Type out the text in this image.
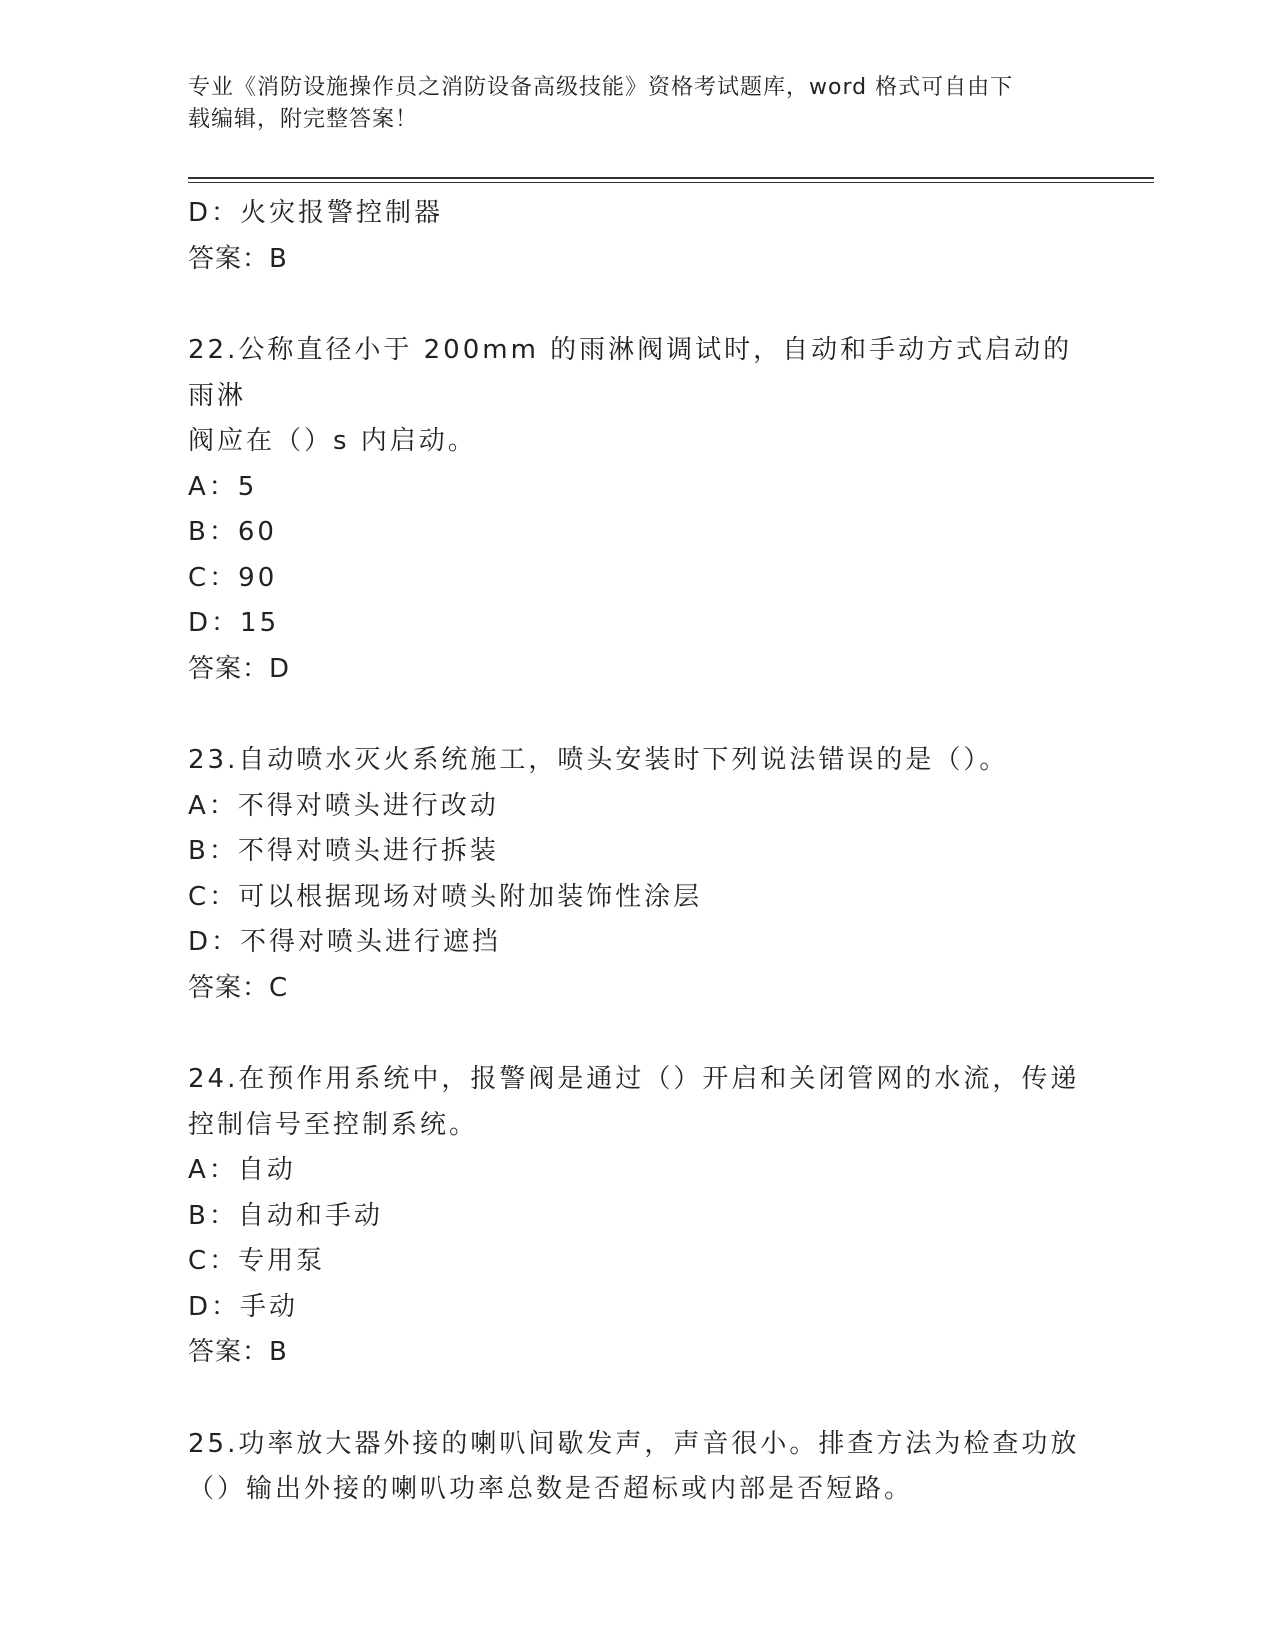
专业《消防设施操作员之消防设备高级技能》资格考试题库，word 格式可自由下
载编辑，附完整答案！
D：火灾报警控制器
答案：B
22.公称直径小于 200mm 的雨淋阀调试时，自动和手动方式启动的雨淋
阀应在（）s 内启动。
A：5
B：60
C：90
D：15
答案：D
23.自动喷水灭火系统施工，喷头安装时下列说法错误的是（）。
A：不得对喷头进行改动
B：不得对喷头进行拆装
C：可以根据现场对喷头附加装饰性涂层
D：不得对喷头进行遮挡
答案：C
24.在预作用系统中，报警阀是通过（）开启和关闭管网的水流，传递
控制信号至控制系统。
A：自动
B：自动和手动
C：专用泵
D：手动
答案：B
25.功率放大器外接的喇叭间歇发声，声音很小。排查方法为检查功放
（）输出外接的喇叭功率总数是否超标或内部是否短路。
